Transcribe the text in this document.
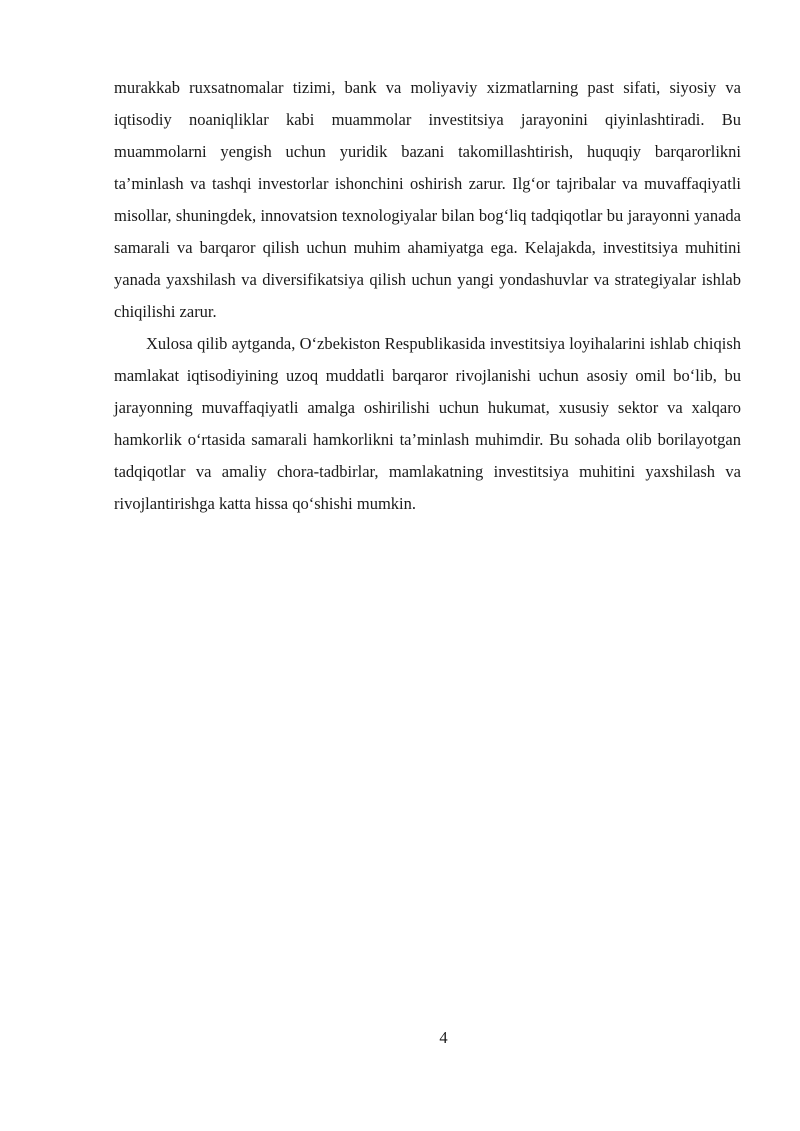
murakkab ruxsatnomalar tizimi, bank va moliyaviy xizmatlarning past sifati, siyosiy va iqtisodiy noaniqliklar kabi muammolar investitsiya jarayonini qiyinlashtiradi. Bu muammolarni yengish uchun yuridik bazani takomillashtirish, huquqiy barqarorlikni ta’minlash va tashqi investorlar ishonchini oshirish zarur. Ilg‘or tajribalar va muvaffaqiyatli misollar, shuningdek, innovatsion texnologiyalar bilan bog‘liq tadqiqotlar bu jarayonni yanada samarali va barqaror qilish uchun muhim ahamiyatga ega. Kelajakda, investitsiya muhitini yanada yaxshilash va diversifikatsiya qilish uchun yangi yondashuvlar va strategiyalar ishlab chiqilishi zarur.

Xulosa qilib aytganda, O‘zbekiston Respublikasida investitsiya loyihalarini ishlab chiqish mamlakat iqtisodiyining uzoq muddatli barqaror rivojlanishi uchun asosiy omil bo‘lib, bu jarayonning muvaffaqiyatli amalga oshirilishi uchun hukumat, xususiy sektor va xalqaro hamkorlik o‘rtasida samarali hamkorlikni ta’minlash muhimdir. Bu sohada olib borilayotgan tadqiqotlar va amaliy chora-tadbirlar, mamlakatning investitsiya muhitini yaxshilash va rivojlantirishga katta hissa qo‘shishi mumkin.

4
